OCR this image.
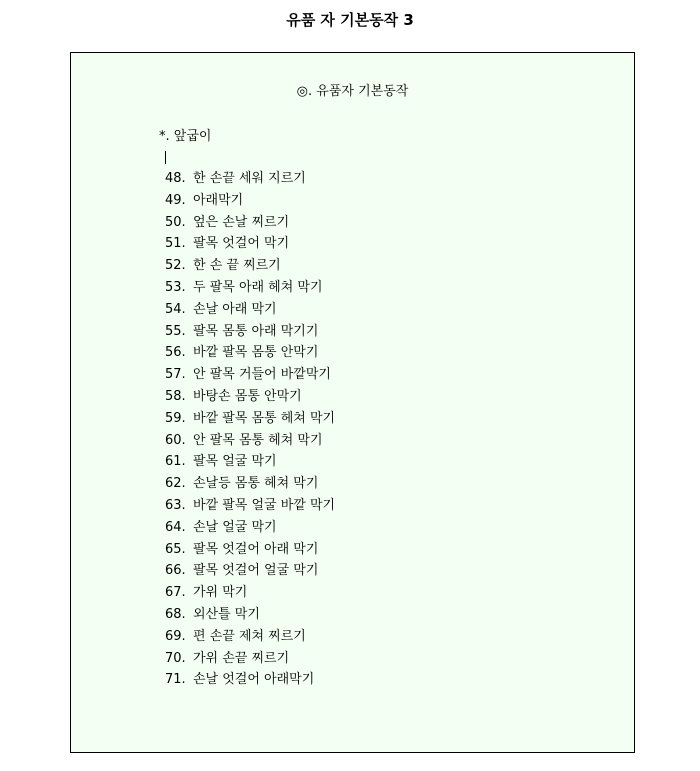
유품 자 기본동작 3
◎. 유품자 기본동작
*. 앞굽이
48. 한 손끝 세워 지르기
49. 아래막기
50. 엎은 손날 찌르기
51. 팔목 엇걸어 막기
52. 한 손 끝 찌르기
53. 두 팔목 아래 헤쳐 막기
54. 손날 아래 막기
55. 팔목 몸통 아래 막기기
56. 바깥 팔목 몸통 안막기
57. 안 팔목 거들어 바깥막기
58. 바탕손 몸통 안막기
59. 바깥 팔목 몸통 헤쳐 막기
60. 안 팔목 몸통 헤쳐 막기
61. 팔목 얼굴 막기
62. 손날등 몸통 헤쳐 막기
63. 바깥 팔목 얼굴 바깥 막기
64. 손날 얼굴 막기
65. 팔목 엇걸어 아래 막기
66. 팔목 엇걸어 얼굴 막기
67. 가위 막기
68. 외산틀 막기
69. 편 손끝 제쳐 찌르기
70. 가위 손끝 찌르기
71. 손날 엇걸어 아래막기
